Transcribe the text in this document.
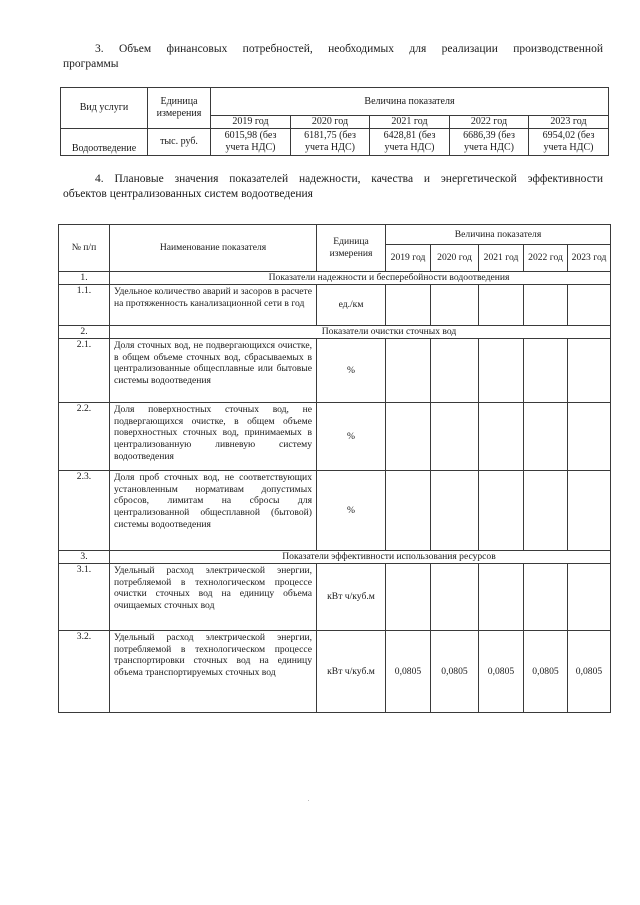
3. Объем финансовых потребностей, необходимых для реализации производственной
программы
Вид услуги	Единица измерения	Величина показателя				
		2019 год	2020 год	2021 год	2022 год	2023 год
Водоотведение	тыс. руб.	6015,98 (без учета НДС)	6181,75 (без учета НДС)	6428,81 (без учета НДС)	6686,39 (без учета НДС)	6954,02 (без учета НДС)
4. Плановые значения показателей надежности, качества и энергетической эффективности
объектов централизованных систем водоотведения
№ п/п	Наименование показателя	Единица измерения	Величина показателя				
			2019 год	2020 год	2021 год	2022 год	2023 год
1.	Показатели надежности и бесперебойности водоотведения						
1.1.	Удельное количество аварий и засоров в расчете на протяженность канализационной сети в год	ед./км					
2.	Показатели очистки сточных вод						
2.1.	Доля сточных вод, не подвергающихся очистке, в общем объеме сточных вод, сбрасываемых в централизованные общесплавные или бытовые системы водоотведения	%					
2.2.	Доля поверхностных сточных вод, не подвергающихся очистке, в общем объеме поверхностных сточных вод, принимаемых в централизованную ливневую систему водоотведения	%					
2.3.	Доля проб сточных вод, не соответствующих установленным нормативам допустимых сбросов, лимитам на сбросы для централизованной общесплавной (бытовой) системы водоотведения	%					
3.	Показатели эффективности использования ресурсов						
3.1.	Удельный расход электрической энергии, потребляемой в технологическом процессе очистки сточных вод на единицу объема очищаемых сточных вод	кВт ч/куб.м					
3.2.	Удельный расход электрической энергии, потребляемой в технологическом процессе транспортировки сточных вод на единицу объема транспортируемых сточных вод	кВт ч/куб.м	0,0805	0,0805	0,0805	0,0805	0,0805
